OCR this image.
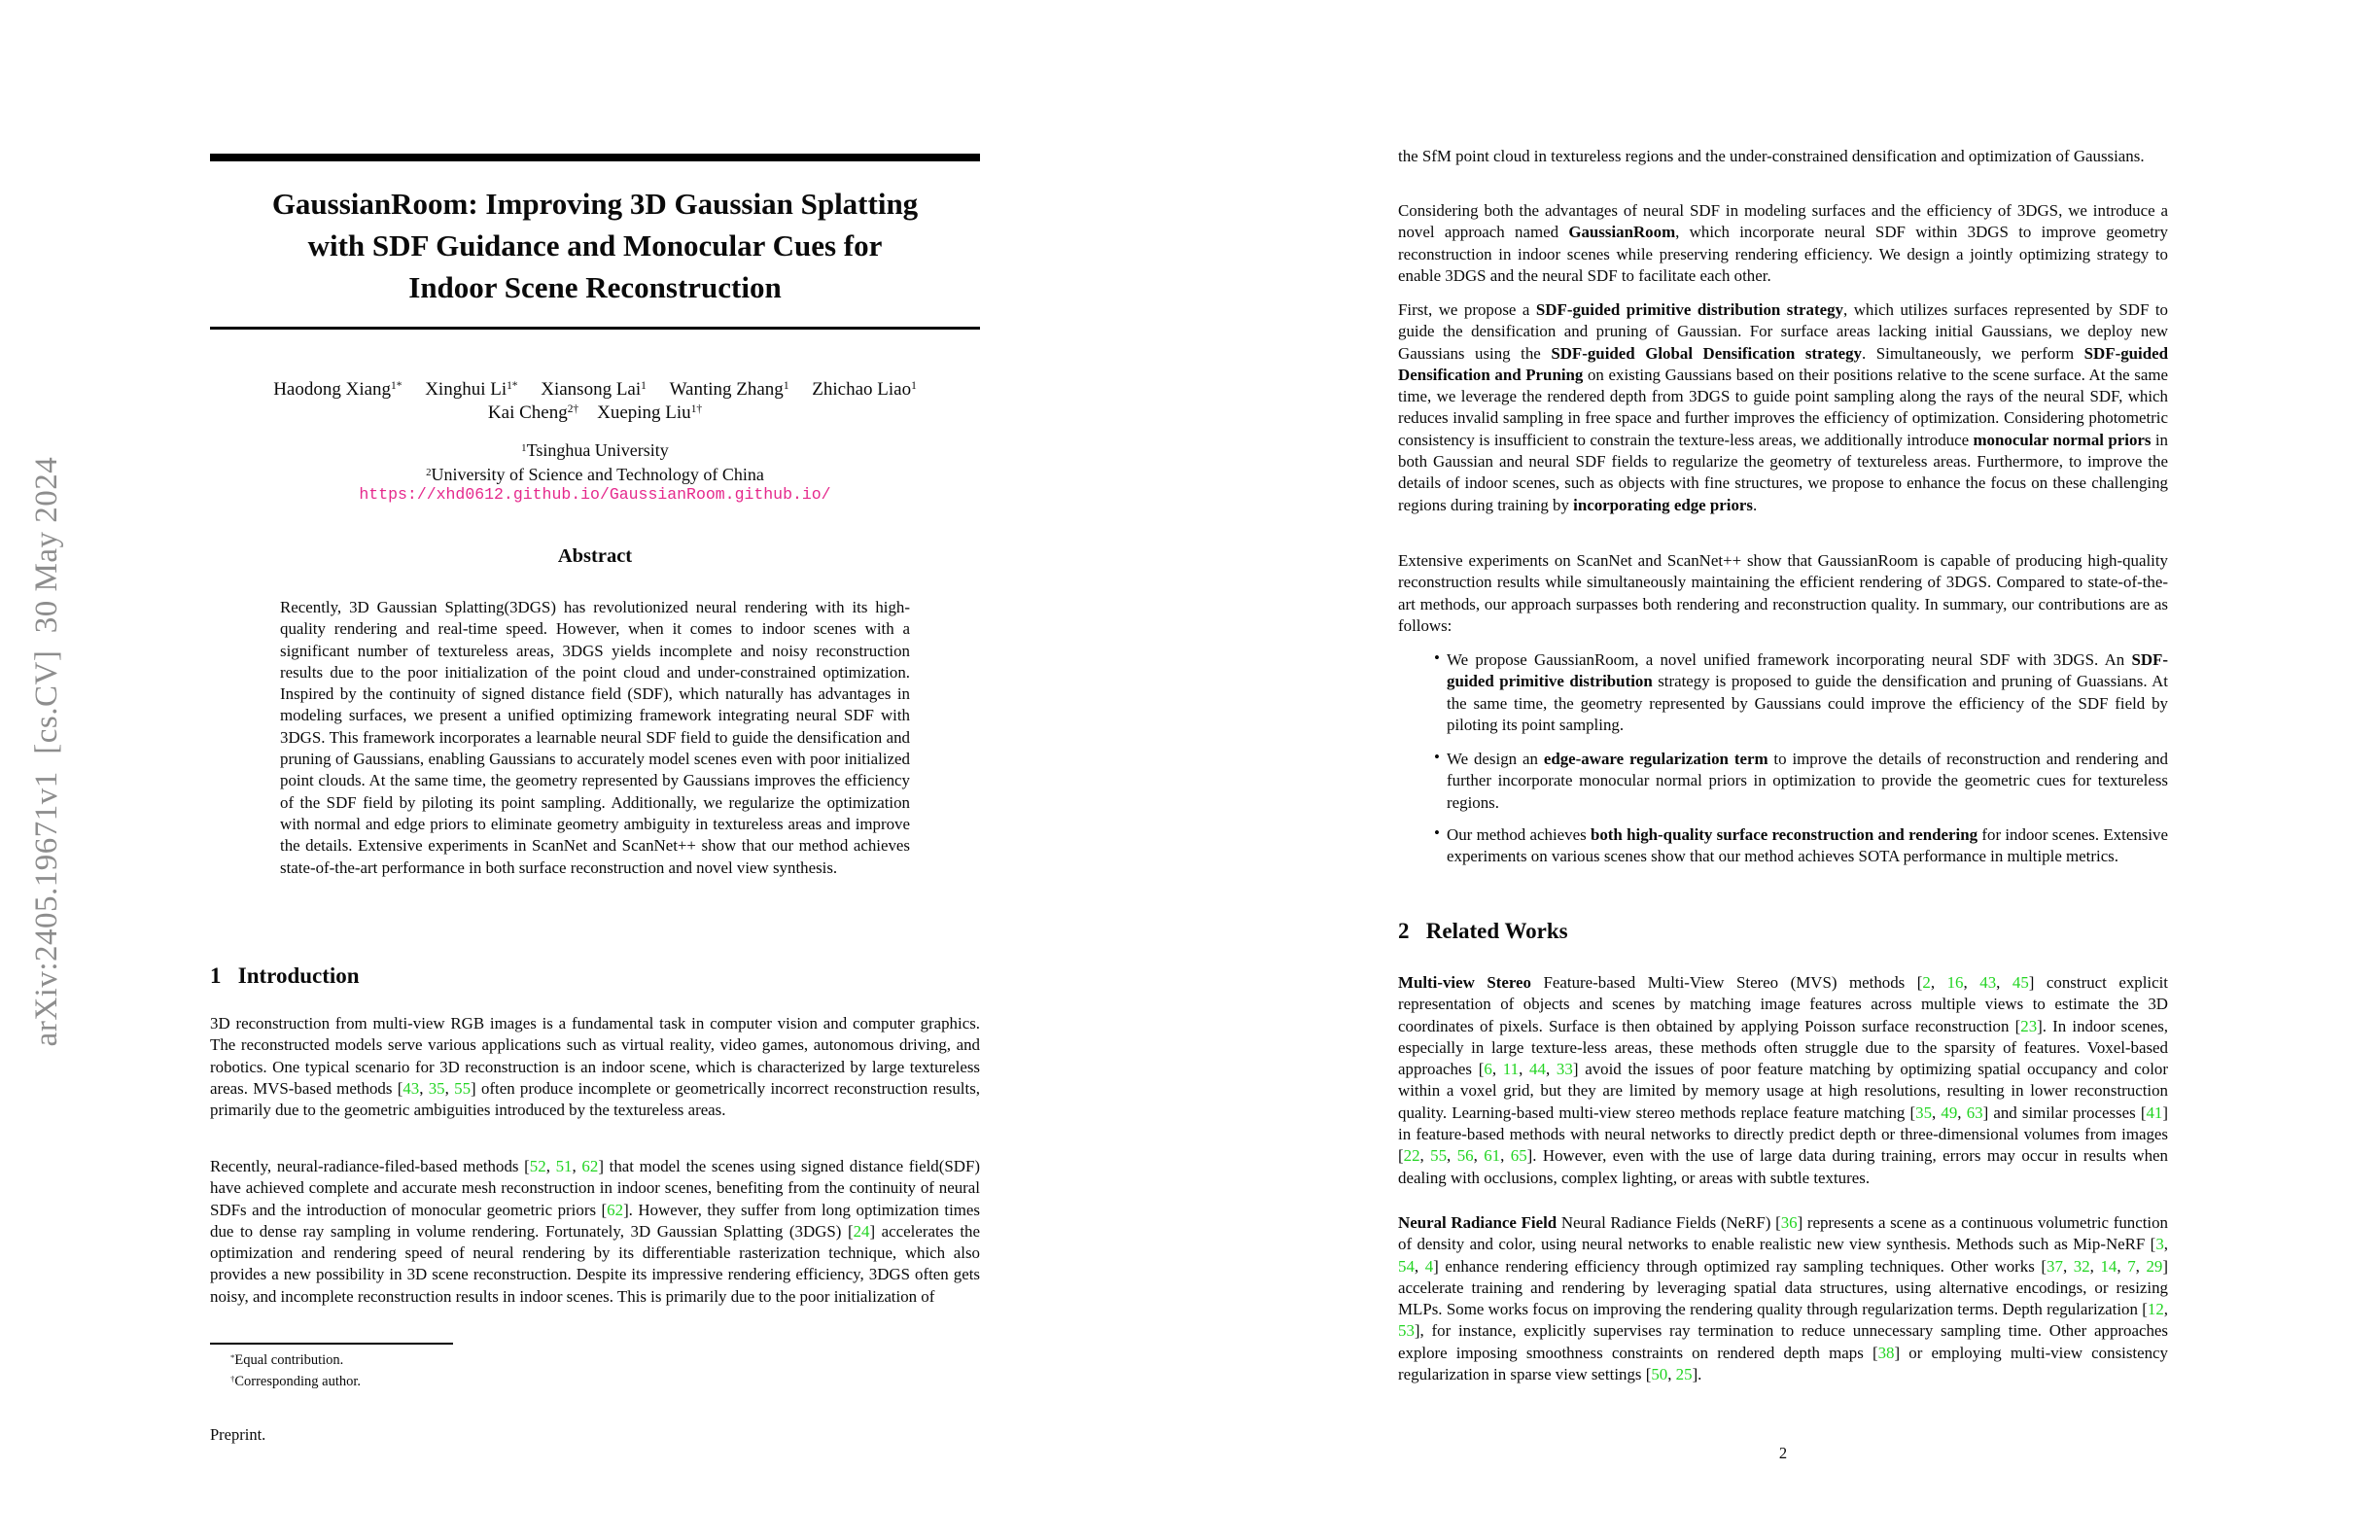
arXiv:2405.19671v1  [cs.CV]  30 May 2024
GaussianRoom: Improving 3D Gaussian Splatting
with SDF Guidance and Monocular Cues for
Indoor Scene Reconstruction
Haodong Xiang$^{1*}$ Xinghui $Li^{1*}$ Xiansong Lai$^1$ Wanting Zhang$^1$ Zhichao Liao$^1$
Kai Cheng$^{2\dagger}$ Xueping Liu$^{1\dagger}$
$^1$Tsinghua University
$^2$University of Science and Technology of China
https://xhd0612.github.io/GaussianRoom.github.io/
Abstract
Recently, 3D Gaussian Splatting(3DGS) has revolutionized neural rendering with its high-quality rendering and real-time speed. However, when it comes to indoor scenes with a significant number of textureless areas, 3DGS yields incomplete and noisy reconstruction results due to the poor initialization of the point cloud and under-constrained optimization. Inspired by the continuity of signed distance field (SDF), which naturally has advantages in modeling surfaces, we present a unified optimizing framework integrating neural SDF with 3DGS. This framework incorporates a learnable neural SDF field to guide the densification and pruning of Gaussians, enabling Gaussians to accurately model scenes even with poor initialized point clouds. At the same time, the geometry represented by Gaussians improves the efficiency of the SDF field by piloting its point sampling. Additionally, we regularize the optimization with normal and edge priors to eliminate geometry ambiguity in textureless areas and improve the details. Extensive experiments in ScanNet and ScanNet++ show that our method achieves state-of-the-art performance in both surface reconstruction and novel view synthesis.
1 Introduction
3D reconstruction from multi-view RGB images is a fundamental task in computer vision and computer graphics. The reconstructed models serve various applications such as virtual reality, video games, autonomous driving, and robotics. One typical scenario for 3D reconstruction is an indoor scene, which is characterized by large textureless areas. MVS-based methods [43, 35, 55] often produce incomplete or geometrically incorrect reconstruction results, primarily due to the geometric ambiguities introduced by the textureless areas.
Recently, neural-radiance-filed-based methods [52, 51, 62] that model the scenes using signed distance field(SDF) have achieved complete and accurate mesh reconstruction in indoor scenes, benefiting from the continuity of neural SDFs and the introduction of monocular geometric priors [62]. However, they suffer from long optimization times due to dense ray sampling in volume rendering. Fortunately, 3D Gaussian Splatting (3DGS) [24] accelerates the optimization and rendering speed of neural rendering by its differentiable rasterization technique, which also provides a new possibility in 3D scene reconstruction. Despite its impressive rendering efficiency, 3DGS often gets noisy, and incomplete reconstruction results in indoor scenes. This is primarily due to the poor initialization of
*Equal contribution.
†Corresponding author.
Preprint.
the SfM point cloud in textureless regions and the under-constrained densification and optimization of Gaussians.
Considering both the advantages of neural SDF in modeling surfaces and the efficiency of 3DGS, we introduce a novel approach named GaussianRoom, which incorporate neural SDF within 3DGS to improve geometry reconstruction in indoor scenes while preserving rendering efficiency. We design a jointly optimizing strategy to enable 3DGS and the neural SDF to facilitate each other.
First, we propose a SDF-guided primitive distribution strategy, which utilizes surfaces represented by SDF to guide the densification and pruning of Gaussian. For surface areas lacking initial Gaussians, we deploy new Gaussians using the SDF-guided Global Densification strategy. Simultaneously, we perform SDF-guided Densification and Pruning on existing Gaussians based on their positions relative to the scene surface. At the same time, we leverage the rendered depth from 3DGS to guide point sampling along the rays of the neural SDF, which reduces invalid sampling in free space and further improves the efficiency of optimization. Considering photometric consistency is insufficient to constrain the texture-less areas, we additionally introduce monocular normal priors in both Gaussian and neural SDF fields to regularize the geometry of textureless areas. Furthermore, to improve the details of indoor scenes, such as objects with fine structures, we propose to enhance the focus on these challenging regions during training by incorporating edge priors.
Extensive experiments on ScanNet and ScanNet++ show that GaussianRoom is capable of producing high-quality reconstruction results while simultaneously maintaining the efficient rendering of 3DGS. Compared to state-of-the-art methods, our approach surpasses both rendering and reconstruction quality. In summary, our contributions are as follows:
• We propose GaussianRoom, a novel unified framework incorporating neural SDF with 3DGS. An SDF-guided primitive distribution strategy is proposed to guide the densification and pruning of Guassians. At the same time, the geometry represented by Gaussians could improve the efficiency of the SDF field by piloting its point sampling.
• We design an edge-aware regularization term to improve the details of reconstruction and rendering and further incorporate monocular normal priors in optimization to provide the geometric cues for textureless regions.
• Our method achieves both high-quality surface reconstruction and rendering for indoor scenes. Extensive experiments on various scenes show that our method achieves SOTA performance in multiple metrics.
2 Related Works
Multi-view Stereo Feature-based Multi-View Stereo (MVS) methods [2, 16, 43, 45] construct explicit representation of objects and scenes by matching image features across multiple views to estimate the 3D coordinates of pixels. Surface is then obtained by applying Poisson surface reconstruction [23]. In indoor scenes, especially in large texture-less areas, these methods often struggle due to the sparsity of features. Voxel-based approaches [6, 11, 44, 33] avoid the issues of poor feature matching by optimizing spatial occupancy and color within a voxel grid, but they are limited by memory usage at high resolutions, resulting in lower reconstruction quality. Learning-based multi-view stereo methods replace feature matching [35, 49, 63] and similar processes [41] in feature-based methods with neural networks to directly predict depth or three-dimensional volumes from images [22, 55, 56, 61, 65]. However, even with the use of large data during training, errors may occur in results when dealing with occlusions, complex lighting, or areas with subtle textures.
Neural Radiance Field Neural Radiance Fields (NeRF) [36] represents a scene as a continuous volumetric function of density and color, using neural networks to enable realistic new view synthesis. Methods such as Mip-NeRF [3, 54, 4] enhance rendering efficiency through optimized ray sampling techniques. Other works [37, 32, 14, 7, 29] accelerate training and rendering by leveraging spatial data structures, using alternative encodings, or resizing MLPs. Some works focus on improving the rendering quality through regularization terms. Depth regularization [12, 53], for instance, explicitly supervises ray termination to reduce unnecessary sampling time. Other approaches explore imposing smoothness constraints on rendered depth maps [38] or employing multi-view consistency regularization in sparse view settings [50, 25].
2
